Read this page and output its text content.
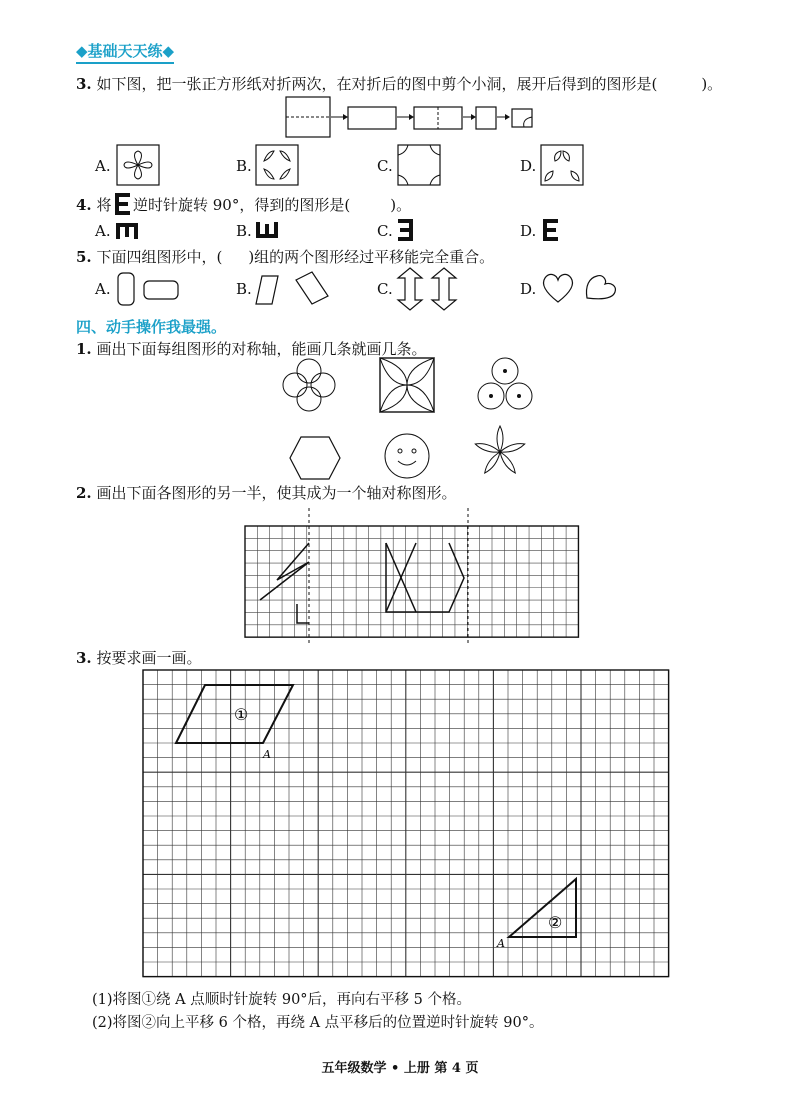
◆基础天天练◆
3. 如下图，把一张正方形纸对折两次，在对折后的图中剪个小洞，展开后得到的图形是(	)。
A.	B.	C.	D.
4. 将 逆时针旋转 90°，得到的图形是(	)。
A.	B.	C.	D.
5. 下面四组图形中，( )组的两个图形经过平移能完全重合。
A.	B.	C.	D.
四、动手操作我最强。
1. 画出下面每组图形的对称轴，能画几条就画几条。
2. 画出下面各图形的另一半，使其成为一个轴对称图形。
3. 按要求画一画。
①
A
②
A
(1)将图①绕 A 点顺时针旋转 90°后，再向右平移 5 个格。
(2)将图②向上平移 6 个格，再绕 A 点平移后的位置逆时针旋转 90°。
五年级数学 • 上册 第 4 页
